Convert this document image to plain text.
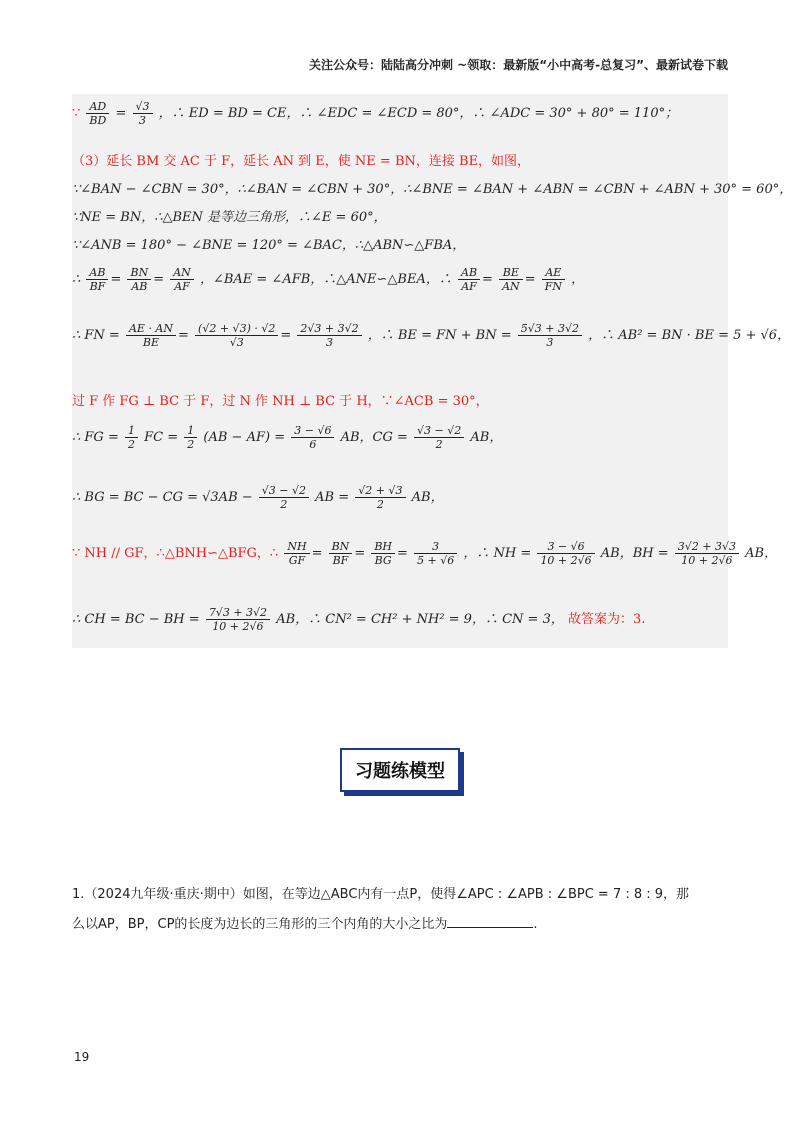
关注公众号：陆陆高分冲刺 ~领取：最新版“小中高考-总复习”、最新试卷下载
∵ $\frac{AD}{BD} = \frac{√3}{3}$ ，∴ ED = BD = CE，∴ ∠EDC = ∠ECD = 80°，∴ ∠ADC = 30° + 80° = 110°；
（3）延长 BM 交 AC 于 F，延长 AN 到 E，使 NE = BN，连接 BE，如图，
∵∠BAN − ∠CBN = 30°，∴∠BAN = ∠CBN + 30°，∴∠BNE = ∠BAN + ∠ABN = ∠CBN + ∠ABN + 30° = 60°，
∵NE = BN，∴△BEN 是等边三角形，∴∠E = 60°，
∵∠ANB = 180° − ∠BNE = 120° = ∠BAC，∴△ABN∽△FBA，
∴ $\frac{AB}{BF} = \frac{BN}{AB} = \frac{AN}{AF}$ ，∠BAE = ∠AFB，∴△ANE∽△BEA，∴ $\frac{AB}{AF} = \frac{BE}{AN} = \frac{AE}{FN}$ ，
∴ FN = $\frac{AE \cdot AN}{BE} = \frac{(√2 + √3) \cdot √2}{√3} = \frac{2√3 + 3√2}{3}$ ，∴ BE = FN + BN = $\frac{5√3 + 3√2}{3}$ ，∴ AB² = BN · BE = 5 + √6，
过 F 作 FG ⊥ BC 于 F，过 N 作 NH ⊥ BC 于 H，∵∠ACB = 30°，
∴ FG = $\frac{1}{2}$ FC = $\frac{1}{2} (AB - AF) = \frac{3 - √6}{6}$ AB，CG = $\frac{√3 - √2}{2}$ AB，
∴ BG = BC − CG = $√3AB - \frac{√3 - √2}{2}$ AB = $\frac{√2 + √3}{2}$ AB，
∵ NH // GF，∴△BNH∽△BFG，∴ $\frac{NH}{GF} = \frac{BN}{BF} = \frac{BH}{BG} = \frac{3}{5 + √6}$ ，∴ NH = $\frac{3 - √6}{10 + 2√6}$ AB，BH = $\frac{3√2 + 3√3}{10 + 2√6}$ AB，
∴ CH = BC − BH = $\frac{7√3 + 3√2}{10 + 2√6}$ AB，∴ CN² = CH² + NH² = 9，∴ CN = 3， 故答案为：3.
习题练模型
1.（2024九年级·重庆·期中）如图，在等边△ABC内有一点P，使得∠APC : ∠APB : ∠BPC = 7 : 8 : 9，那
么以AP，BP，CP的长度为边长的三角形的三个内角的大小之比为	.
19
